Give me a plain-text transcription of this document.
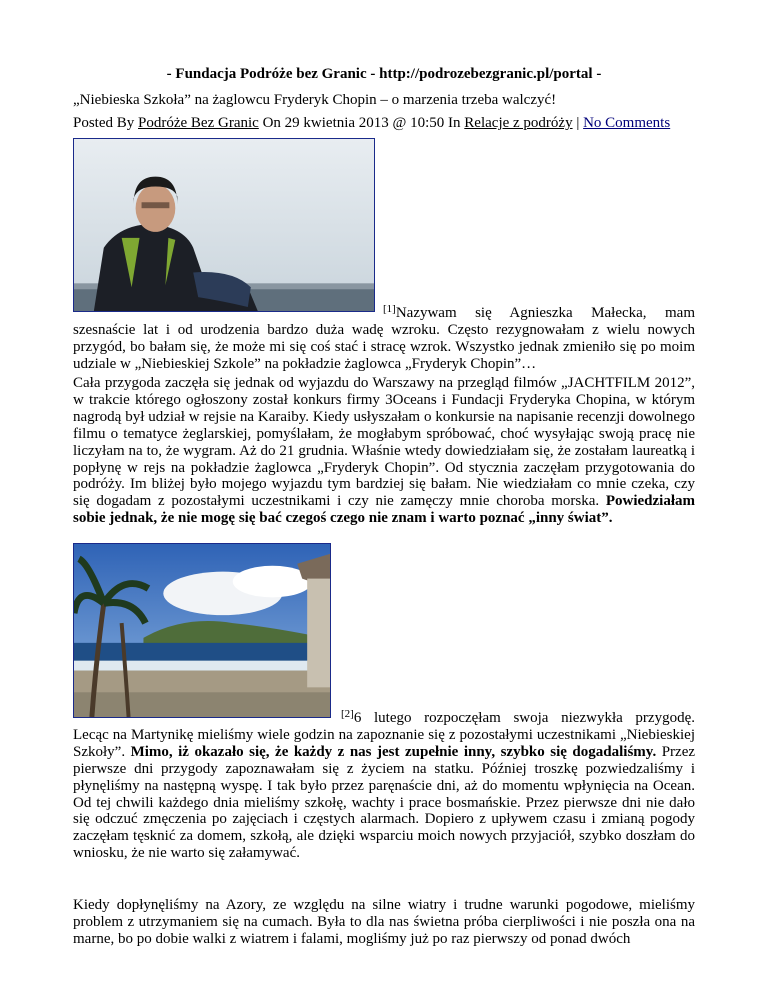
- Fundacja Podróże bez Granic - http://podrozebezgranic.pl/portal -
„Niebieska Szkoła” na żaglowcu Fryderyk Chopin – o marzenia trzeba walczyć!
Posted By Podróże Bez Granic On 29 kwietnia 2013 @ 10:50 In Relacje z podróży | No Comments
[1]Nazywam się Agnieszka Małecka, mam
szesnaście lat i od urodzenia bardzo duża wadę wzroku. Często rezygnowałam z wielu nowych przygód, bo bałam się, że może mi się coś stać i stracę wzrok. Wszystko jednak zmieniło się po moim udziale w „Niebieskiej Szkole” na pokładzie żaglowca „Fryderyk Chopin”…
Cała przygoda zaczęła się jednak od wyjazdu do Warszawy na przegląd filmów „JACHTFILM 2012”, w trakcie którego ogłoszony został konkurs firmy 3Oceans i Fundacji Fryderyka Chopina, w którym nagrodą był udział w rejsie na Karaiby. Kiedy usłyszałam o konkursie na napisanie recenzji dowolnego filmu o tematyce żeglarskiej, pomyślałam, że mogłabym spróbować, choć wysyłając swoją pracę nie liczyłam na to, że wygram. Aż do 21 grudnia. Właśnie wtedy dowiedziałam się, że zostałam laureatką i popłynę w rejs na pokładzie żaglowca „Fryderyk Chopin”. Od stycznia zaczęłam przygotowania do podróży. Im bliżej było mojego wyjazdu tym bardziej się bałam. Nie wiedziałam co mnie czeka, czy się dogadam z pozostałymi uczestnikami i czy nie zamęczy mnie choroba morska. Powiedziałam sobie jednak, że nie mogę się bać czegoś czego nie znam i warto poznać „inny świat”.
[2]6 lutego rozpoczęłam swoja niezwykła przygodę.
Lecąc na Martynikę mieliśmy wiele godzin na zapoznanie się z pozostałymi uczestnikami „Niebieskiej Szkoły”. Mimo, iż okazało się, że każdy z nas jest zupełnie inny, szybko się dogadaliśmy. Przez pierwsze dni przygody zapoznawałam się z życiem na statku. Później troszkę pozwiedzaliśmy i płynęliśmy na następną wyspę. I tak było przez paręnaście dni, aż do momentu wpłynięcia na Ocean. Od tej chwili każdego dnia mieliśmy szkołę, wachty i prace bosmańskie. Przez pierwsze dni nie dało się odczuć zmęczenia po zajęciach i częstych alarmach. Dopiero z upływem czasu i zmianą pogody zaczęłam tęsknić za domem, szkołą, ale dzięki wsparciu moich nowych przyjaciół, szybko doszłam do wniosku, że nie warto się załamywać.
Kiedy dopłynęliśmy na Azory, ze względu na silne wiatry i trudne warunki pogodowe, mieliśmy problem z utrzymaniem się na cumach. Była to dla nas świetna próba cierpliwości i nie poszła ona na marne, bo po dobie walki z wiatrem i falami, mogliśmy już po raz pierwszy od ponad dwóch
